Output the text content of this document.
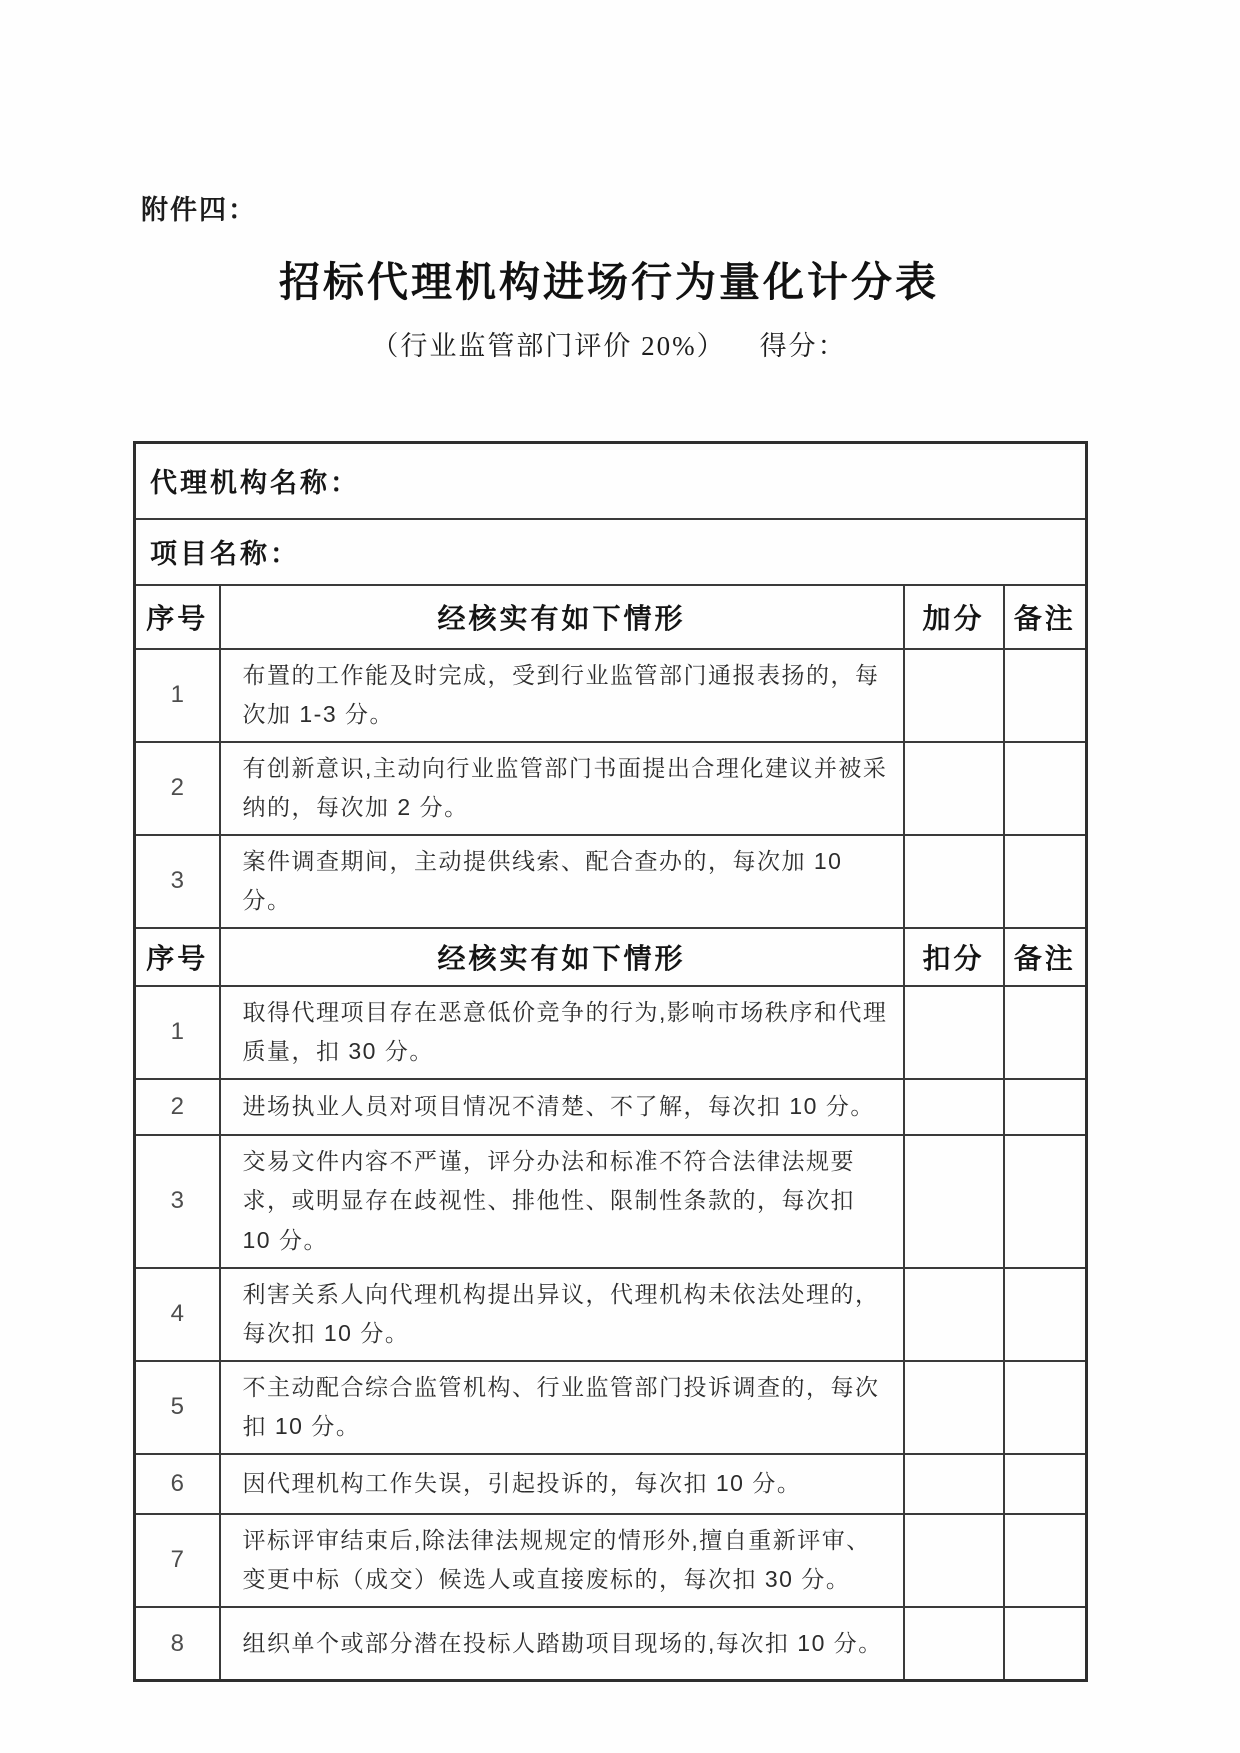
附件四：
招标代理机构进场行为量化计分表
（行业监管部门评价 20%） 得分：
代理机构名称：			
项目名称：			
序号	经核实有如下情形	加分	备注
1	布置的工作能及时完成，受到行业监管部门通报表扬的，每次加 1-3 分。		
2	有创新意识,主动向行业监管部门书面提出合理化建议并被采纳的，每次加 2 分。		
3	案件调查期间，主动提供线索、配合查办的，每次加 10 分。		
序号	经核实有如下情形	扣分	备注
1	取得代理项目存在恶意低价竞争的行为,影响市场秩序和代理质量，扣 30 分。		
2	进场执业人员对项目情况不清楚、不了解，每次扣 10 分。		
3	交易文件内容不严谨，评分办法和标准不符合法律法规要求，或明显存在歧视性、排他性、限制性条款的，每次扣 10 分。		
4	利害关系人向代理机构提出异议，代理机构未依法处理的，每次扣 10 分。		
5	不主动配合综合监管机构、行业监管部门投诉调查的，每次扣 10 分。		
6	因代理机构工作失误，引起投诉的，每次扣 10 分。		
7	评标评审结束后,除法律法规规定的情形外,擅自重新评审、变更中标（成交）候选人或直接废标的，每次扣 30 分。		
8	组织单个或部分潜在投标人踏勘项目现场的,每次扣 10 分。		
